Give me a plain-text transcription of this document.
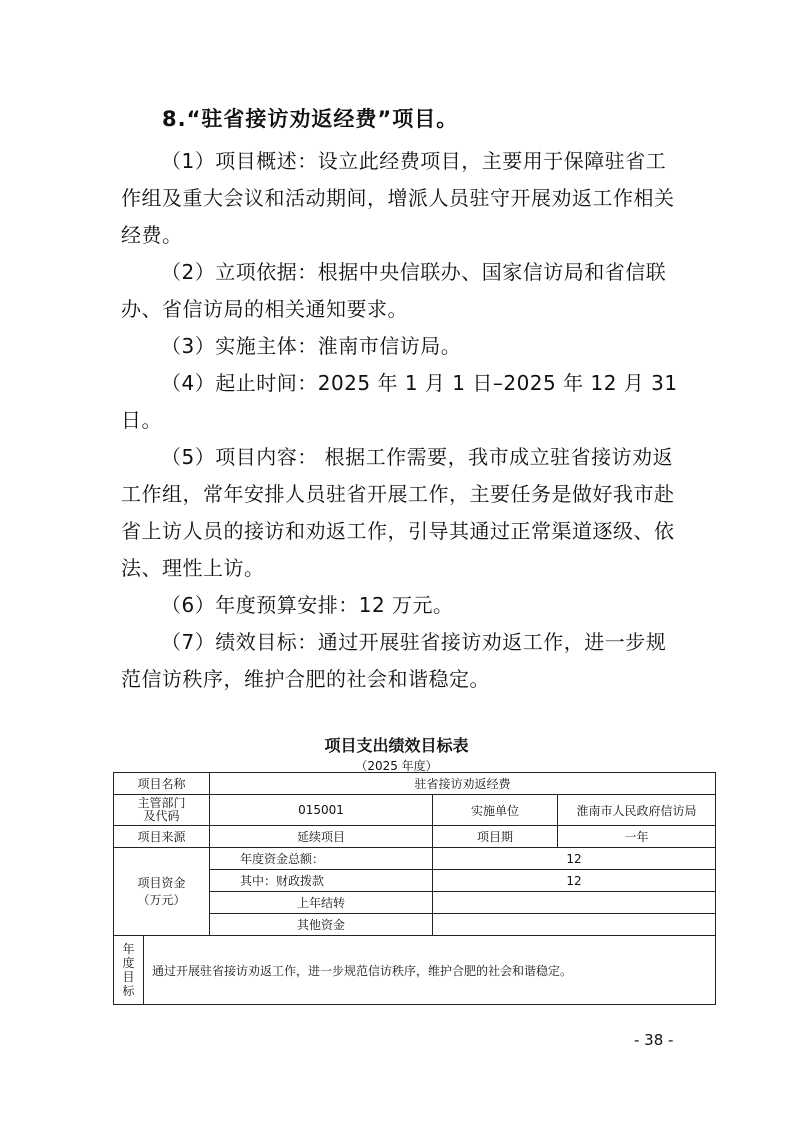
8.“驻省接访劝返经费”项目。

（1）项目概述：设立此经费项目，主要用于保障驻省工作组及重大会议和活动期间，增派人员驻守开展劝返工作相关经费。

（2）立项依据：根据中央信联办、国家信访局和省信联办、省信访局的相关通知要求。

（3）实施主体：淮南市信访局。

（4）起止时间：2025 年 1 月 1 日–2025 年 12 月 31 日。

（5）项目内容： 根据工作需要，我市成立驻省接访劝返工作组，常年安排人员驻省开展工作，主要任务是做好我市赴省上访人员的接访和劝返工作，引导其通过正常渠道逐级、依法、理性上访。

（6）年度预算安排：12 万元。

（7）绩效目标：通过开展驻省接访劝返工作，进一步规范信访秩序，维护合肥的社会和谐稳定。

项目支出绩效目标表
（2025 年度）
项目名称		驻省接访劝返经费		
主管部门
及代码		015001	实施单位	淮南市人民政府信访局
项目来源		延续项目	项目期	一年
项目资金
（万元）		年度资金总额：	12	
		其中：财政拨款	12	
		上年结转		
		其他资金		
年
度
目
标	通过开展驻省接访劝返工作，进一步规范信访秩序，维护合肥的社会和谐稳定。			
- 38 -
